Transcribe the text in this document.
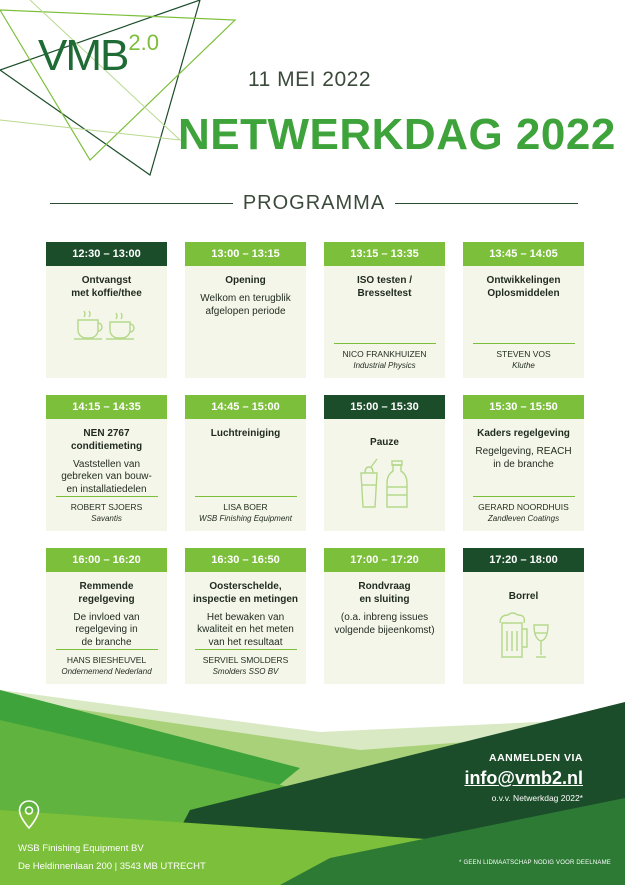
VMB 2.0
11 MEI 2022
NETWERKDAG 2022
PROGRAMMA
12:30 – 13:00
Ontvangst
met koffie/thee
13:00 – 13:15
Opening
Welkom en terugblik
afgelopen periode
13:15 – 13:35
ISO testen /
Bresseltest
NICO FRANKHUIZEN
Industrial Physics
13:45 – 14:05
Ontwikkelingen
Oplosmiddelen
STEVEN VOS
Kluthe
14:15 – 14:35
NEN 2767
conditiemeting
Vaststellen van
gebreken van bouw-
en installatiedelen
ROBERT SJOERS
Savantis
14:45 – 15:00
Luchtreiniging
LISA BOER
WSB Finishing Equipment
15:00 – 15:30
Pauze
15:30 – 15:50
Kaders regelgeving
Regelgeving, REACH
in de branche
GERARD NOORDHUIS
Zandleven Coatings
16:00 – 16:20
Remmende
regelgeving
De invloed van
regelgeving in
de branche
HANS BIESHEUVEL
Ondernemend Nederland
16:30 – 16:50
Oosterschelde,
inspectie en metingen
Het bewaken van
kwaliteit en het meten
van het resultaat
SERVIEL SMOLDERS
Smolders SSO BV
17:00 – 17:20
Rondvraag
en sluiting
(o.a. inbreng issues
volgende bijeenkomst)
17:20 – 18:00
Borrel
AANMELDEN VIA
info@vmb2.nl
o.v.v. Netwerkdag 2022*
WSB Finishing Equipment BV
De Heldinnenlaan 200 | 3543 MB UTRECHT	* GEEN LIDMAATSCHAP NODIG VOOR DEELNAME
